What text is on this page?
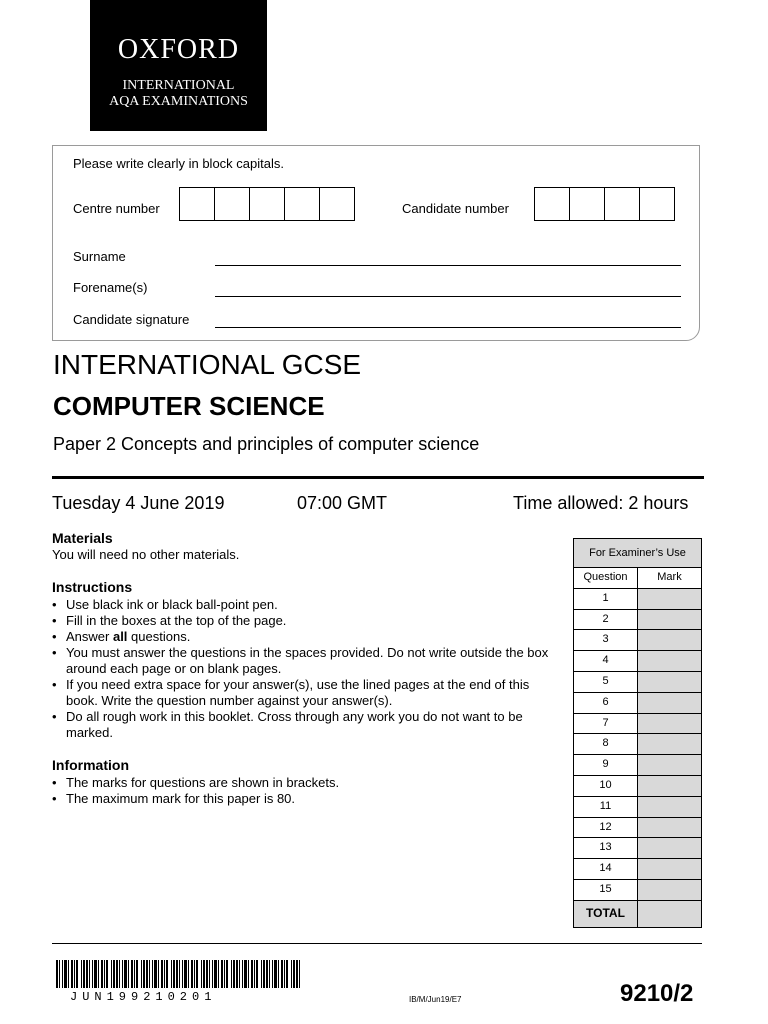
OXFORD
INTERNATIONAL
AQA EXAMINATIONS
Please write clearly in block capitals.
Centre number	Candidate number
Surname
Forename(s)
Candidate signature
INTERNATIONAL GCSE
COMPUTER SCIENCE
Paper 2 Concepts and principles of computer science
Tuesday 4 June 2019	07:00 GMT	Time allowed: 2 hours
Materials
You will need no other materials.
Instructions
• Use black ink or black ball-point pen.
• Fill in the boxes at the top of the page.
• Answer all questions.
• You must answer the questions in the spaces provided. Do not write outside the box around each page or on blank pages.
• If you need extra space for your answer(s), use the lined pages at the end of this book. Write the question number against your answer(s).
• Do all rough work in this booklet. Cross through any work you do not want to be marked.
Information
• The marks for questions are shown in brackets.
• The maximum mark for this paper is 80.
For Examiner’s Use
Question	Mark
1
2
3
4
5
6
7
8
9
10
11
12
13
14
15
TOTAL
JUN199210201	IB/M/Jun19/E7	9210/2
